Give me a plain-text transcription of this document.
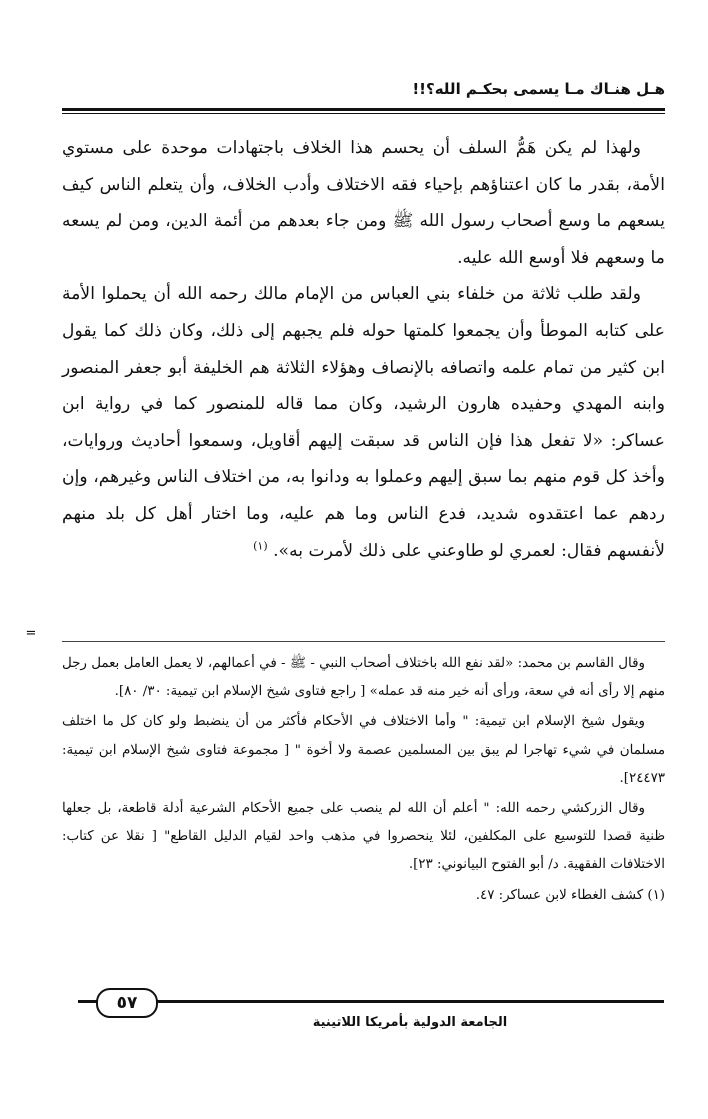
هـل هنـاك مـا يسمى بحكـم الله؟!!

ولهذا لم يكن هَمُّ السلف أن يحسم هذا الخلاف باجتهادات موحدة على مستوي الأمة، بقدر ما كان اعتناؤهم بإحياء فقه الاختلاف وأدب الخلاف، وأن يتعلم الناس كيف يسعهم ما وسع أصحاب رسول الله ﷺ ومن جاء بعدهم من أئمة الدين، ومن لم يسعه ما وسعهم فلا أوسع الله عليه.

ولقد طلب ثلاثة من خلفاء بني العباس من الإمام مالك رحمه الله أن يحملوا الأمة على كتابه الموطأ وأن يجمعوا كلمتها حوله فلم يجبهم إلى ذلك، وكان ذلك كما يقول ابن كثير من تمام علمه واتصافه بالإنصاف وهؤلاء الثلاثة هم الخليفة أبو جعفر المنصور وابنه المهدي وحفيده هارون الرشيد، وكان مما قاله للمنصور كما في رواية ابن عساكر: «لا تفعل هذا فإن الناس قد سبقت إليهم أقاويل، وسمعوا أحاديث وروايات، وأخذ كل قوم منهم بما سبق إليهم وعملوا به ودانوا به، من اختلاف الناس وغيرهم، وإن ردهم عما اعتقدوه شديد، فدع الناس وما هم عليه، وما اختار أهل كل بلد منهم لأنفسهم فقال: لعمري لو طاوعني على ذلك لأمرت به». $^{(١)}$

=

وقال القاسم بن محمد: «لقد نفع الله باختلاف أصحاب النبي - ﷺ - في أعمالهم، لا يعمل العامل بعمل رجل منهم إلا رأى أنه في سعة، ورأى أنه خير منه قد عمله» [ راجع فتاوى شيخ الإسلام ابن تيمية: ٣٠/ ٨٠].

ويقول شيخ الإسلام ابن تيمية: " وأما الاختلاف في الأحكام فأكثر من أن ينضبط ولو كان كل ما اختلف مسلمان في شيء تهاجرا لم يبق بين المسلمين عصمة ولا أخوة " [ مجموعة فتاوى شيخ الإسلام ابن تيمية: ٢٤٤٧٣].

وقال الزركشي رحمه الله: " أعلم أن الله لم ينصب على جميع الأحكام الشرعية أدلة قاطعة، بل جعلها ظنية قصدا للتوسيع على المكلفين، لئلا ينحصروا في مذهب واحد لقيام الدليل القاطع" [ نقلا عن كتاب: الاختلافات الفقهية. د/ أبو الفتوح البيانوني: ٢٣].

(١) كشف الغطاء لابن عساكر: ٤٧.

٥٧
الجامعة الدولية بأمريكا اللاتينية
